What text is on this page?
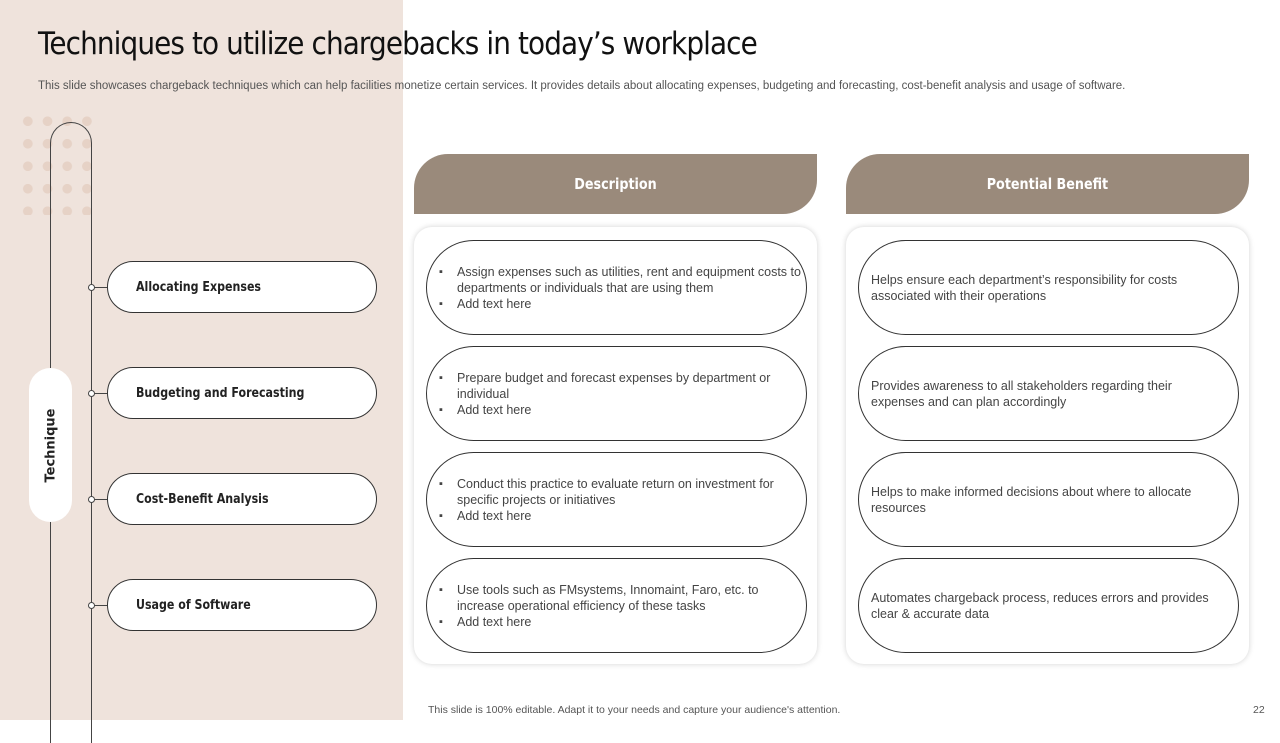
Techniques to utilize chargebacks in today’s workplace

This slide showcases chargeback techniques which can help facilities monetize certain services. It provides details about allocating expenses, budgeting and forecasting, cost-benefit analysis and usage of software.

Technique
Allocating Expenses
Budgeting and Forecasting
Cost-Benefit Analysis
Usage of Software
Description	Potential Benefit
▪ Assign expenses such as utilities, rent and equipment costs to departments or individuals that are using them
▪ Add text here
▪ Prepare budget and forecast expenses by department or individual
▪ Add text here
▪ Conduct this practice to evaluate return on investment for specific projects or initiatives
▪ Add text here
▪ Use tools such as FMsystems, Innomaint, Faro, etc. to increase operational efficiency of these tasks
▪ Add text here

Helps ensure each department’s responsibility for costs associated with their operations

Provides awareness to all stakeholders regarding their expenses and can plan accordingly

Helps to make informed decisions about where to allocate resources

Automates chargeback process, reduces errors and provides clear & accurate data

This slide is 100% editable. Adapt it to your needs and capture your audience's attention.	22
